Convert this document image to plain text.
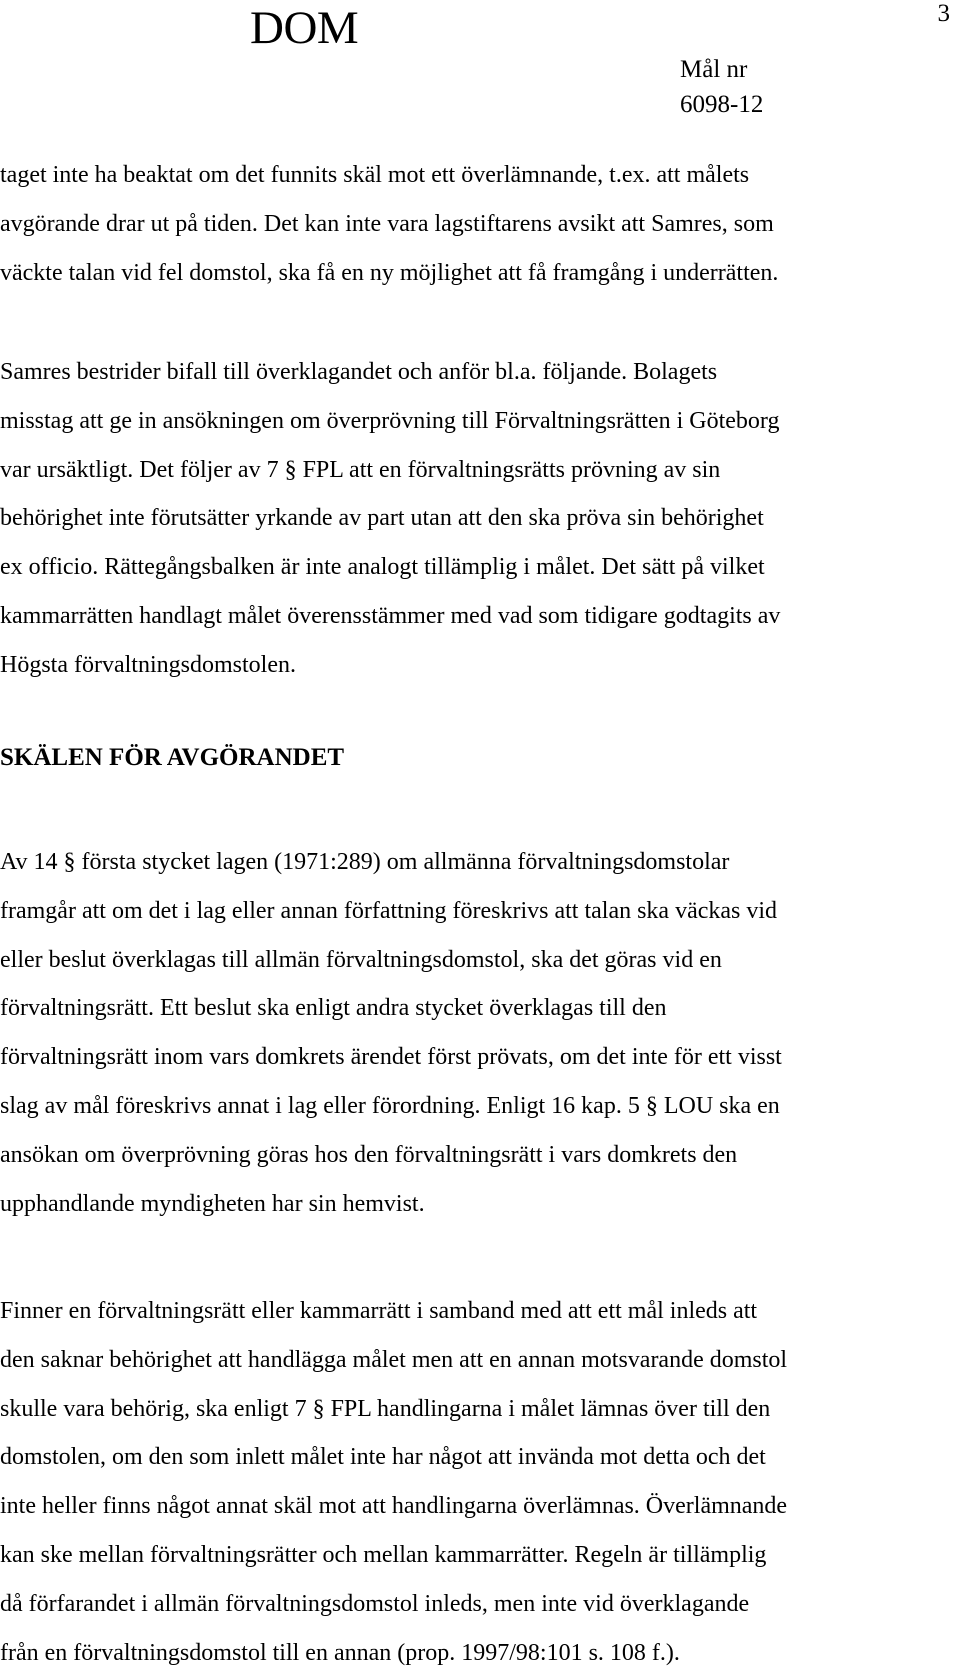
DOM	3
Mål nr
6098-12
taget inte ha beaktat om det funnits skäl mot ett överlämnande, t.ex. att målets
avgörande drar ut på tiden. Det kan inte vara lagstiftarens avsikt att Samres, som
väckte talan vid fel domstol, ska få en ny möjlighet att få framgång i underrätten.
Samres bestrider bifall till överklagandet och anför bl.a. följande. Bolagets
misstag att ge in ansökningen om överprövning till Förvaltningsrätten i Göteborg
var ursäktligt. Det följer av 7 § FPL att en förvaltningsrätts prövning av sin
behörighet inte förutsätter yrkande av part utan att den ska pröva sin behörighet
ex officio. Rättegångsbalken är inte analogt tillämplig i målet. Det sätt på vilket
kammarrätten handlagt målet överensstämmer med vad som tidigare godtagits av
Högsta förvaltningsdomstolen.
SKÄLEN FÖR AVGÖRANDET
Av 14 § första stycket lagen (1971:289) om allmänna förvaltningsdomstolar
framgår att om det i lag eller annan författning föreskrivs att talan ska väckas vid
eller beslut överklagas till allmän förvaltningsdomstol, ska det göras vid en
förvaltningsrätt. Ett beslut ska enligt andra stycket överklagas till den
förvaltningsrätt inom vars domkrets ärendet först prövats, om det inte för ett visst
slag av mål föreskrivs annat i lag eller förordning. Enligt 16 kap. 5 § LOU ska en
ansökan om överprövning göras hos den förvaltningsrätt i vars domkrets den
upphandlande myndigheten har sin hemvist.
Finner en förvaltningsrätt eller kammarrätt i samband med att ett mål inleds att
den saknar behörighet att handlägga målet men att en annan motsvarande domstol
skulle vara behörig, ska enligt 7 § FPL handlingarna i målet lämnas över till den
domstolen, om den som inlett målet inte har något att invända mot detta och det
inte heller finns något annat skäl mot att handlingarna överlämnas. Överlämnande
kan ske mellan förvaltningsrätter och mellan kammarrätter. Regeln är tillämplig
då förfarandet i allmän förvaltningsdomstol inleds, men inte vid överklagande
från en förvaltningsdomstol till en annan (prop. 1997/98:101 s. 108 f.).
